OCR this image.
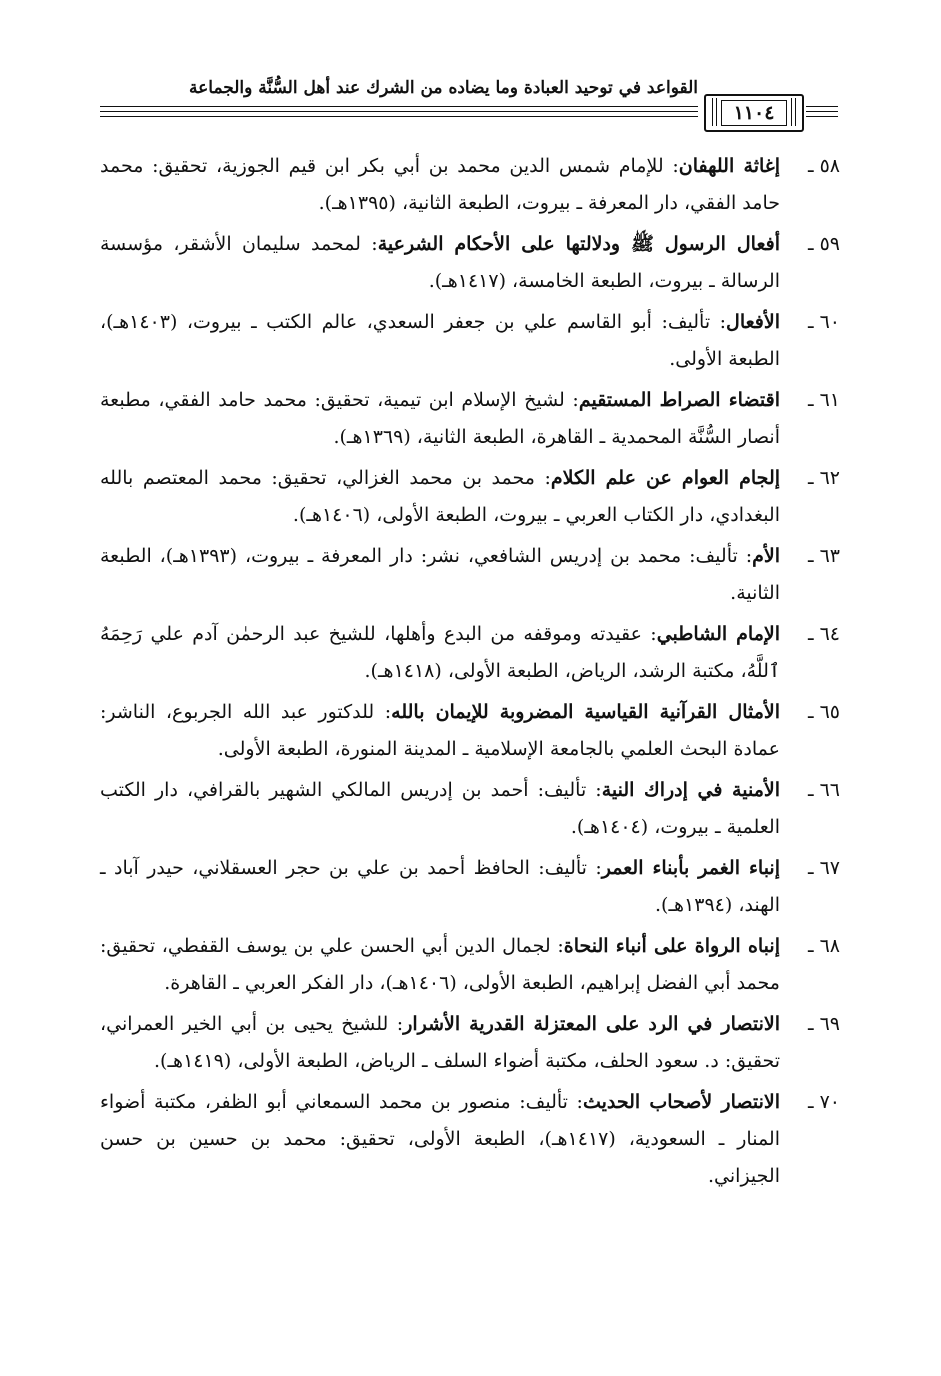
القواعد في توحيد العبادة وما يضاده من الشرك عند أهل السُّنَّة والجماعة
١١٠٤
٥٨ ـ
إغاثة اللهفان: للإمام شمس الدين محمد بن أبي بكر ابن قيم الجوزية، تحقيق: محمد حامد الفقي، دار المعرفة ـ بيروت، الطبعة الثانية، (١٣٩٥هـ).
٥٩ ـ
أفعال الرسول ﷺ ودلالتها على الأحكام الشرعية: لمحمد سليمان الأشقر، مؤسسة الرسالة ـ بيروت، الطبعة الخامسة، (١٤١٧هـ).
٦٠ ـ
الأفعال: تأليف: أبو القاسم علي بن جعفر السعدي، عالم الكتب ـ بيروت، (١٤٠٣هـ)، الطبعة الأولى.
٦١ ـ
اقتضاء الصراط المستقيم: لشيخ الإسلام ابن تيمية، تحقيق: محمد حامد الفقي، مطبعة أنصار السُّنَّة المحمدية ـ القاهرة، الطبعة الثانية، (١٣٦٩هـ).
٦٢ ـ
إلجام العوام عن علم الكلام: محمد بن محمد الغزالي، تحقيق: محمد المعتصم بالله البغدادي، دار الكتاب العربي ـ بيروت، الطبعة الأولى، (١٤٠٦هـ).
٦٣ ـ
الأم: تأليف: محمد بن إدريس الشافعي، نشر: دار المعرفة ـ بيروت، (١٣٩٣هـ)، الطبعة الثانية.
٦٤ ـ
الإمام الشاطبي: عقيدته وموقفه من البدع وأهلها، للشيخ عبد الرحمٰن آدم علي رَحِمَهُ ٱللَّهُ، مكتبة الرشد، الرياض، الطبعة الأولى، (١٤١٨هـ).
٦٥ ـ
الأمثال القرآنية القياسية المضروبة للإيمان بالله: للدكتور عبد الله الجربوع، الناشر: عمادة البحث العلمي بالجامعة الإسلامية ـ المدينة المنورة، الطبعة الأولى.
٦٦ ـ
الأمنية في إدراك النية: تأليف: أحمد بن إدريس المالكي الشهير بالقرافي، دار الكتب العلمية ـ بيروت، (١٤٠٤هـ).
٦٧ ـ
إنباء الغمر بأبناء العمر: تأليف: الحافظ أحمد بن علي بن حجر العسقلاني، حيدر آباد ـ الهند، (١٣٩٤هـ).
٦٨ ـ
إنباه الرواة على أنباء النحاة: لجمال الدين أبي الحسن علي بن يوسف القفطي، تحقيق: محمد أبي الفضل إبراهيم، الطبعة الأولى، (١٤٠٦هـ)، دار الفكر العربي ـ القاهرة.
٦٩ ـ
الانتصار في الرد على المعتزلة القدرية الأشرار: للشيخ يحيى بن أبي الخير العمراني، تحقيق: د. سعود الحلف، مكتبة أضواء السلف ـ الرياض، الطبعة الأولى، (١٤١٩هـ).
٧٠ ـ
الانتصار لأصحاب الحديث: تأليف: منصور بن محمد السمعاني أبو الظفر، مكتبة أضواء المنار ـ السعودية، (١٤١٧هـ)، الطبعة الأولى، تحقيق: محمد بن حسين بن حسن الجيزاني.
